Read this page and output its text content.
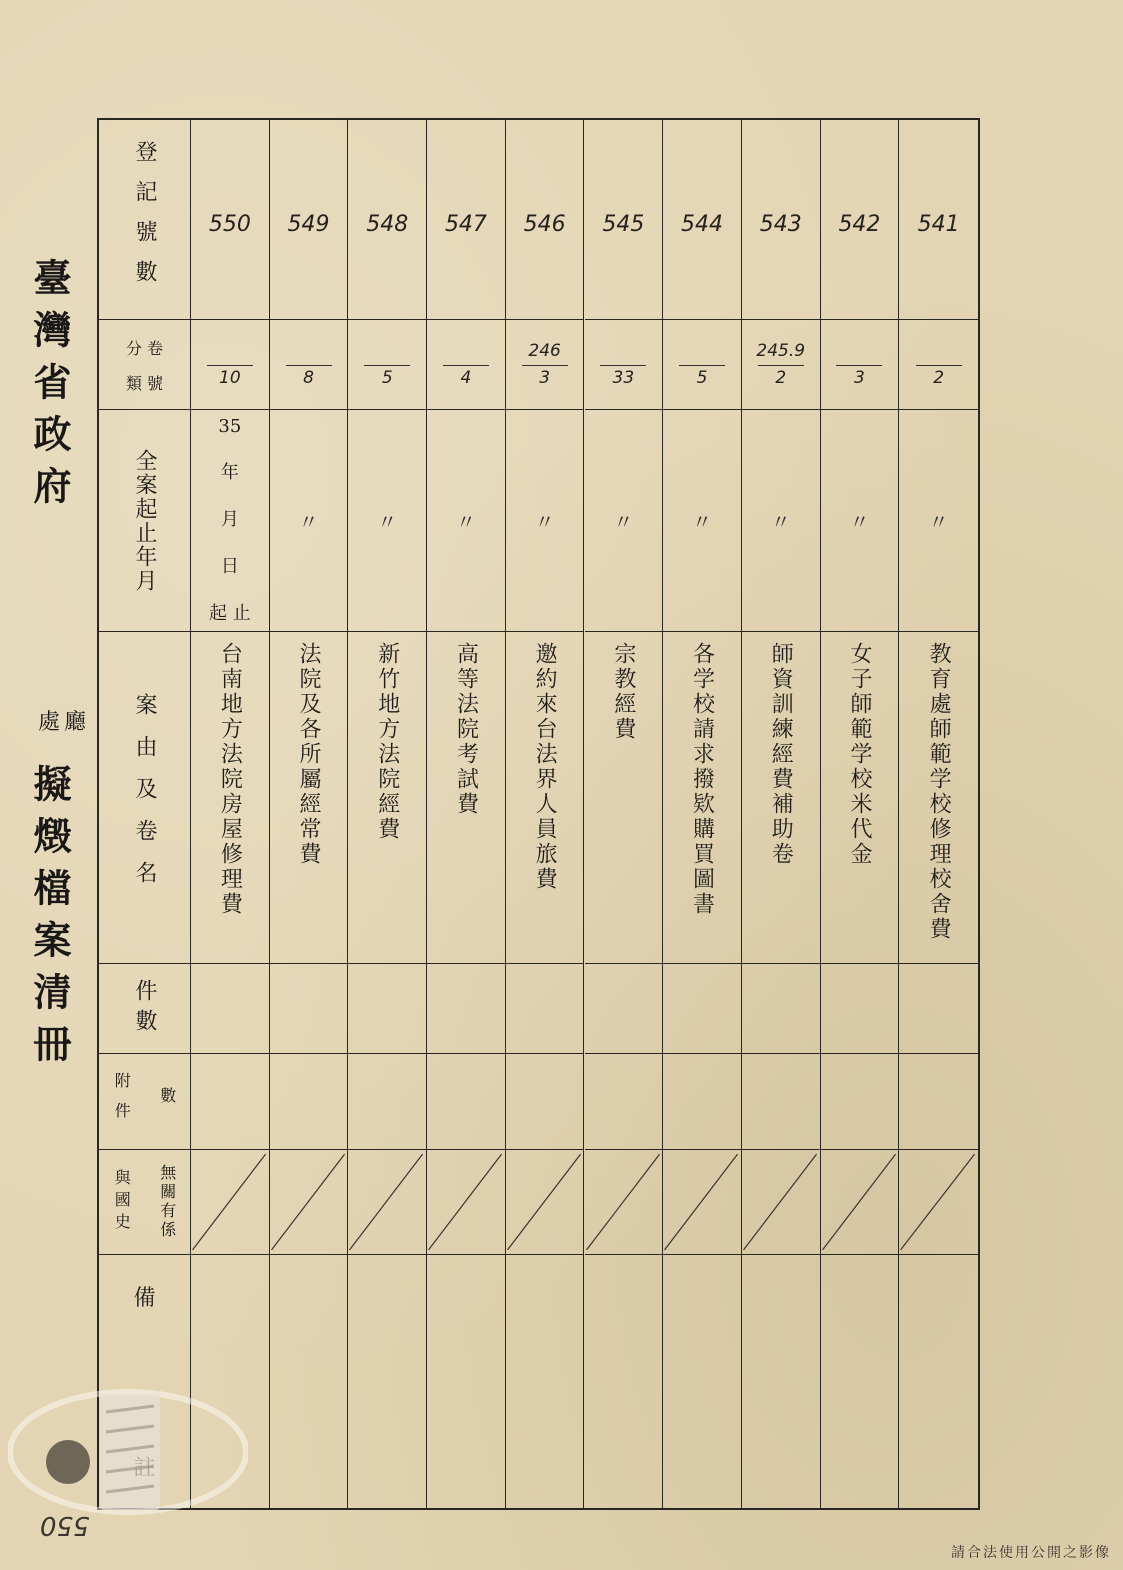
臺灣省政府
處廳
擬燬檔案清冊
登記號數
分 卷
類 號
全案起止年月
案由及卷名
件數
附件 數
與國史 無關有係
備
550
10
35
年
月
日
起 止
台南地方法院房屋修理費
549
8
〃
法院及各所屬經常費
548
5
〃
新竹地方法院經費
547
4
〃
高等法院考試費
546
$\frac{246}{3}$
〃
邀約來台法界人員旅費
545
33
〃
宗教經費
544
5
〃
各学校請求撥欵購買圖書
543
$\frac{245.9}{2}$
〃
師資訓練經費補助卷
542
3
〃
女子師範学校米代金
541
2
〃
教育處師範学校修理校舍費
550
請合法使用公開之影像
